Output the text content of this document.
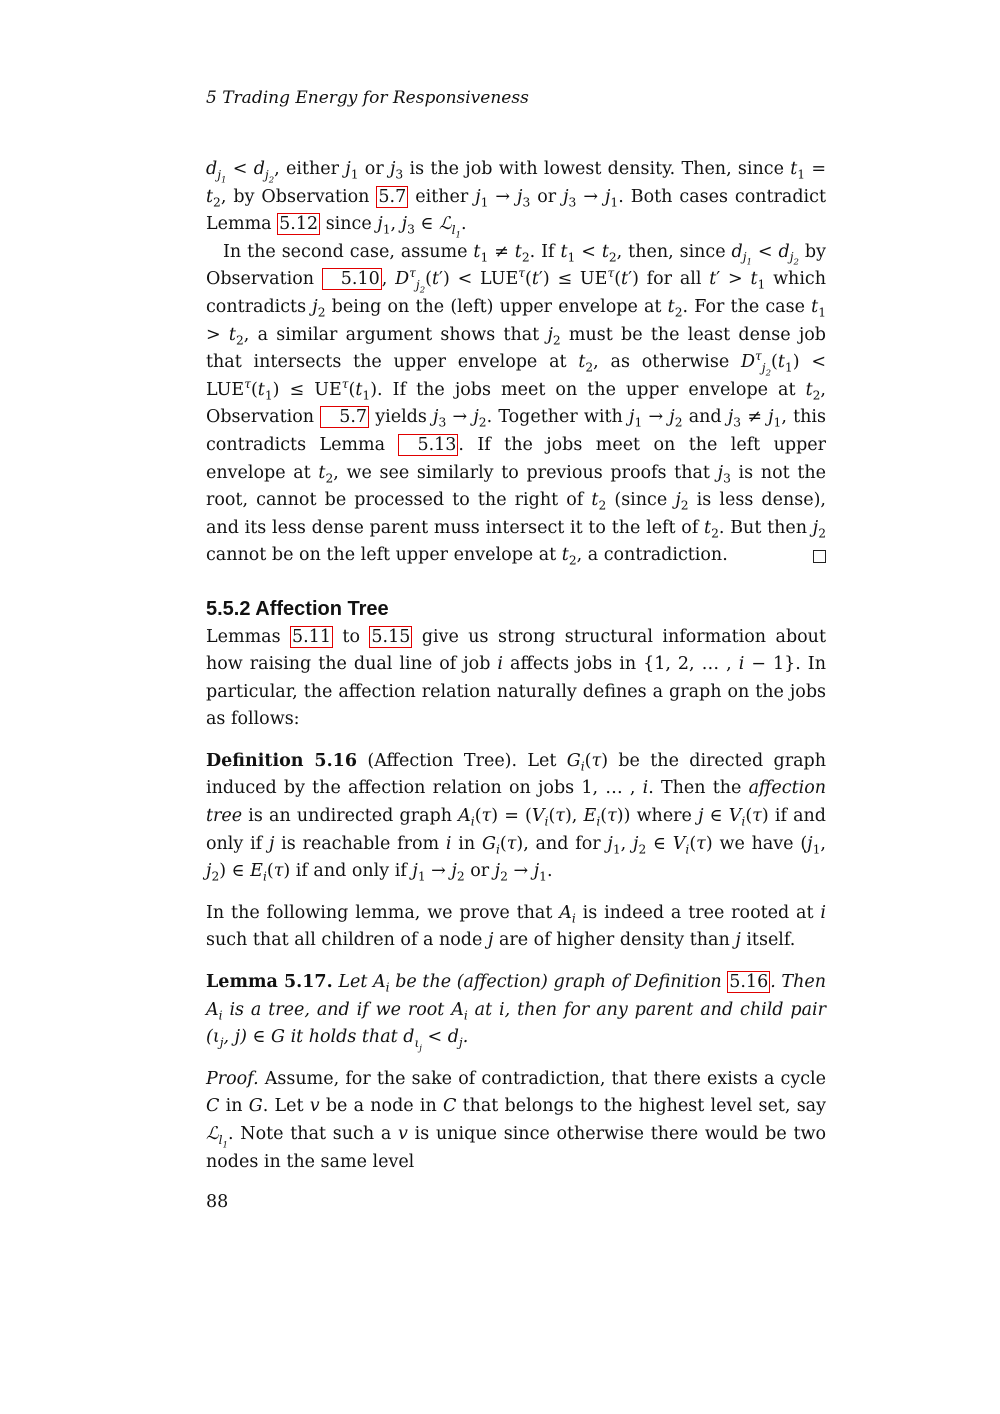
5 Trading Energy for Responsiveness

$d_{j_1} < d_{j_2}$, either $j_1$ or $j_3$ is the job with lowest density. Then, since $t_1 = t_2$, by Observation 5.7 either $j_1 \to j_3$ or $j_3 \to j_1$. Both cases contradict Lemma 5.12 since $j_1$, $j_3$ ∈ ℒ$_{l_1}$.

In the second case, assume $t_1 \ne t_2$. If $t_1 < t_2$, then, since $d_{j_1} < d_{j_2}$ by Observation 5.10 , $D^\tau_{j_2}(t') < LUE^\tau(t') \le UE^\tau(t')$ for all $t' > t_1$ which contradicts $j_2$ being on the (left) upper envelope at $t_2$. For the case $t_1 > t_2$, a similar argument shows that $j_2$ must be the least dense job that intersects the upper envelope at $t_2$, as otherwise $D^\tau_{j_2}(t_1) < LUE^\tau(t_1) \le UE^\tau(t_1)$. If the jobs meet on the upper envelope at $t_2$, Observation 5.7 yields $j_3 \to j_2$. Together with $j_1 \to j_2$ and $j_3 \ne j_1$, this contradicts Lemma 5.13 . If the jobs meet on the left upper envelope at $t_2$, we see similarly to previous proofs that $j_3$ is not the root, cannot be processed to the right of $t_2$ (since $j_2$ is less dense), and its less dense parent muss intersect it to the left of $t_2$. But then $j_2$ cannot be on the left upper envelope at $t_2$, a contradiction.

5.5.2 Affection Tree

Lemmas 5.11 to 5.15 give us strong structural information about how raising the dual line of job i affects jobs in {1, 2, … , i − 1}. In particular, the affection relation naturally defines a graph on the jobs as follows:

Definition 5.16 (Affection Tree). Let $G_i(\tau)$ be the directed graph induced by the affection relation on jobs 1, … , i. Then the affection tree is an undirected graph $A_i(\tau) = (V_i(\tau)$, $E_i(\tau)$) where j ∈ $V_i(\tau)$ if and only if j is reachable from i in $G_i(\tau)$, and for $j_1$, $j_2$ ∈ $V_i(\tau)$ we have ($j_1$, $j_2$) ∈ $E_i(\tau)$ if and only if $j_1 \to j_2$ or $j_2 \to j_1$.

In the following lemma, we prove that $A_i$ is indeed a tree rooted at i such that all children of a node j are of higher density than j itself.

Lemma 5.17. Let $A_i$ be the (affection) graph of Definition 5.16 . Then $A_i$ is a tree, and if we root $A_i$ at i, then for any parent and child pair ($\iota_j$, j) ∈ G it holds that $d_{\iota_j} < d_j$.

Proof. Assume, for the sake of contradiction, that there exists a cycle C in G. Let v be a node in C that belongs to the highest level set, say ℒ$_{l_1}$. Note that such a v is unique since otherwise there would be two nodes in the same level

88
